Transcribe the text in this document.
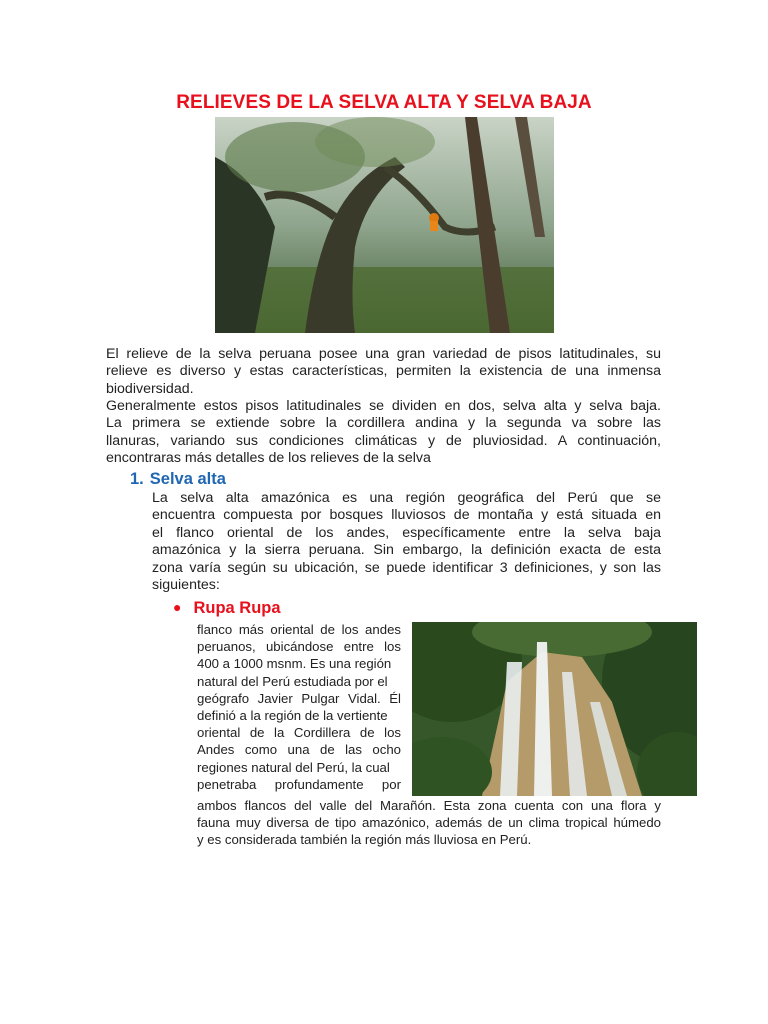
RELIEVES DE LA SELVA ALTA Y SELVA BAJA
El relieve de la selva peruana posee una gran variedad de pisos latitudinales, su
relieve es diverso y estas características, permiten la existencia de una inmensa
biodiversidad.
Generalmente estos pisos latitudinales se dividen en dos, selva alta y selva baja.
La primera se extiende sobre la cordillera andina y la segunda va sobre las
llanuras, variando sus condiciones climáticas y de pluviosidad. A continuación,
encontraras más detalles de los relieves de la selva
1. Selva alta
La selva alta amazónica es una región geográfica del Perú que se
encuentra compuesta por bosques lluviosos de montaña y está situada en
el flanco oriental de los andes, específicamente entre la selva baja
amazónica y la sierra peruana. Sin embargo, la definición exacta de esta
zona varía según su ubicación, se puede identificar 3 definiciones, y son las
siguientes:
● Rupa Rupa
flanco más oriental de los andes
peruanos, ubicándose entre los
400 a 1000 msnm. Es una región
natural del Perú estudiada por el
geógrafo Javier Pulgar Vidal. Él
definió a la región de la vertiente
oriental de la Cordillera de los
Andes como una de las ocho
regiones natural del Perú, la cual
penetraba profundamente por
ambos flancos del valle del Marañón. Esta zona cuenta con una flora y
fauna muy diversa de tipo amazónico, además de un clima tropical húmedo
y es considerada también la región más lluviosa en Perú.
